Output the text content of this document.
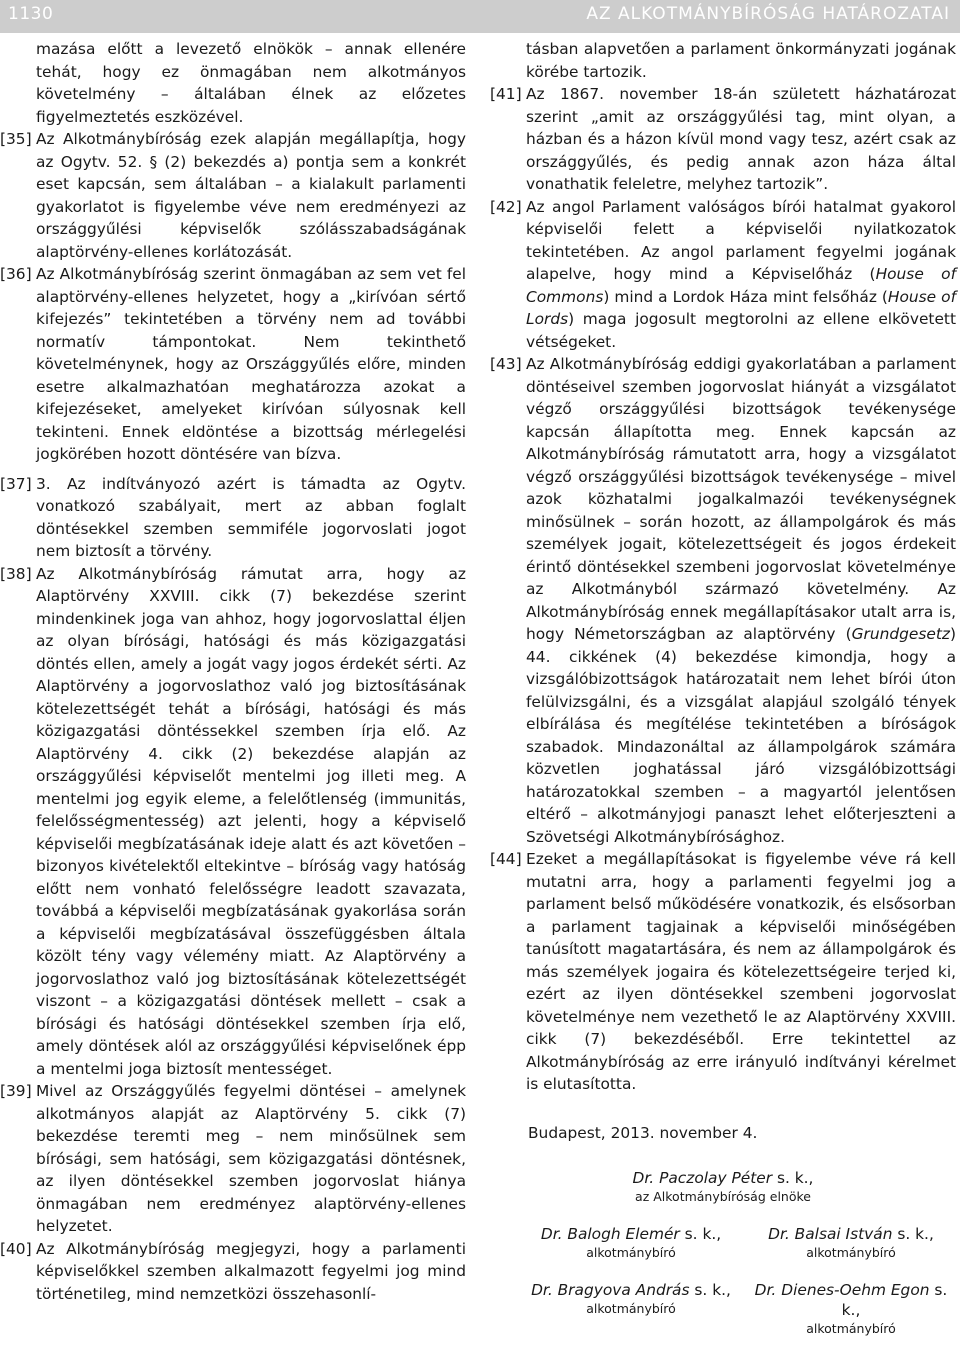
1130	AZ ALKOTMÁNYBÍRÓSÁG HATÁROZATAI

mazása előtt a levezető elnökök – annak ellenére tehát, hogy ez önmagában nem alkotmányos követelmény – általában élnek az előzetes figyelmeztetés eszközével.

[35] Az Alkotmánybíróság ezek alapján megállapítja, hogy az Ogytv. 52. § (2) bekezdés a) pontja sem a konkrét eset kapcsán, sem általában – a kialakult parlamenti gyakorlatot is figyelembe véve nem eredményezi az országgyűlési képviselők szólásszabadságának alaptörvény-ellenes korlátozását.

[36] Az Alkotmánybíróság szerint önmagában az sem vet fel alaptörvény-ellenes helyzetet, hogy a „kirívóan sértő kifejezés” tekintetében a törvény nem ad további normatív támpontokat. Nem tekinthető követelménynek, hogy az Országgyűlés előre, minden esetre alkalmazhatóan meghatározza azokat a kifejezéseket, amelyeket kirívóan súlyosnak kell tekinteni. Ennek eldöntése a bizottság mérlegelési jogkörében hozott döntésére van bízva.

[37] 3. Az indítványozó azért is támadta az Ogytv. vonatkozó szabályait, mert az abban foglalt döntésekkel szemben semmiféle jogorvoslati jogot nem biztosít a törvény.

[38] Az Alkotmánybíróság rámutat arra, hogy az Alaptörvény XXVIII. cikk (7) bekezdése szerint mindenkinek joga van ahhoz, hogy jogorvoslattal éljen az olyan bírósági, hatósági és más közigazgatási döntés ellen, amely a jogát vagy jogos érdekét sérti. Az Alaptörvény a jogorvoslathoz való jog biztosításának kötelezettségét tehát a bírósági, hatósági és más közigazgatási döntéssekkel szemben írja elő. Az Alaptörvény 4. cikk (2) bekezdése alapján az országgyűlési képviselőt mentelmi jog illeti meg. A mentelmi jog egyik eleme, a felelőtlenség (immunitás, felelősségmentesség) azt jelenti, hogy a képviselő képviselői megbízatásának ideje alatt és azt követően – bizonyos kivételektől eltekintve – bíróság vagy hatóság előtt nem vonható felelősségre leadott szavazata, továbbá a képviselői megbízatásának gyakorlása során a képviselői megbízatásával összefüggésben általa közölt tény vagy vélemény miatt. Az Alaptörvény a jogorvoslathoz való jog biztosításának kötelezettségét viszont – a közigazgatási döntések mellett – csak a bírósági és hatósági döntésekkel szemben írja elő, amely döntések alól az országgyűlési képviselőnek épp a mentelmi joga biztosít mentességet.

[39] Mivel az Országgyűlés fegyelmi döntései – amelynek alkotmányos alapját az Alaptörvény 5. cikk (7) bekezdése teremti meg – nem minősülnek sem bírósági, sem hatósági, sem közigazgatási döntésnek, az ilyen döntésekkel szemben jogorvoslat hiánya önmagában nem eredményez alaptörvény-ellenes helyzetet.

[40] Az Alkotmánybíróság megjegyzi, hogy a parlamenti képviselőkkel szemben alkalmazott fegyelmi jog mind történetileg, mind nemzetközi összehasonlí-

tásban alapvetően a parlament önkormányzati jogának körébe tartozik.

[41] Az 1867. november 18-án született házhatározat szerint „amit az országgyűlési tag, mint olyan, a házban és a házon kívül mond vagy tesz, azért csak az országgyűlés, és pedig annak azon háza által vonathatik feleletre, melyhez tartozik”.

[42] Az angol Parlament valóságos bírói hatalmat gyakorol képviselői felett a képviselői nyilatkozatok tekintetében. Az angol parlament fegyelmi jogának alapelve, hogy mind a Képviselőház (House of Commons) mind a Lordok Háza mint felsőház (House of Lords) maga jogosult megtorolni az ellene elkövetett vétségeket.

[43] Az Alkotmánybíróság eddigi gyakorlatában a parlament döntéseivel szemben jogorvoslat hiányát a vizsgálatot végző országgyűlési bizottságok tevékenysége kapcsán állapította meg. Ennek kapcsán az Alkotmánybíróság rámutatott arra, hogy a vizsgálatot végző országgyűlési bizottságok tevékenysége – mivel azok közhatalmi jogalkalmazói tevékenységnek minősülnek – során hozott, az állampolgárok és más személyek jogait, kötelezettségeit és jogos érdekeit érintő döntésekkel szembeni jogorvoslat követelménye az Alkotmányból származó követelmény. Az Alkotmánybíróság ennek megállapításakor utalt arra is, hogy Németországban az alaptörvény (Grundgesetz) 44. cikkének (4) bekezdése kimondja, hogy a vizsgálóbizottságok határozatait nem lehet bírói úton felülvizsgálni, és a vizsgálat alapjául szolgáló tények elbírálása és megítélése tekintetében a bíróságok szabadok. Mindazonáltal az állampolgárok számára közvetlen joghatással járó vizsgálóbizottsági határozatokkal szemben – a magyartól jelentősen eltérő – alkotmányjogi panaszt lehet előterjeszteni a Szövetségi Alkotmánybírósághoz.

[44] Ezeket a megállapításokat is figyelembe véve rá kell mutatni arra, hogy a parlamenti fegyelmi jog a parlament belső működésére vonatkozik, és elsősorban a parlament tagjainak a képviselői minőségében tanúsított magatartására, és nem az állampolgárok és más személyek jogaira és kötelezettségeire terjed ki, ezért az ilyen döntésekkel szembeni jogorvoslat követelménye nem vezethető le az Alaptörvény XXVIII. cikk (7) bekezdéséből. Erre tekintettel az Alkotmánybíróság az erre irányuló indítványi kérelmet is elutasította.

Budapest, 2013. november 4.
Dr. Paczolay Péter s. k.,
az Alkotmánybíróság elnöke
Dr. Balogh Elemér s. k.,
alkotmánybíró
Dr. Balsai István s. k.,
alkotmánybíró
Dr. Bragyova András s. k.,
alkotmánybíró
Dr. Dienes-Oehm Egon s. k.,
alkotmánybíró
